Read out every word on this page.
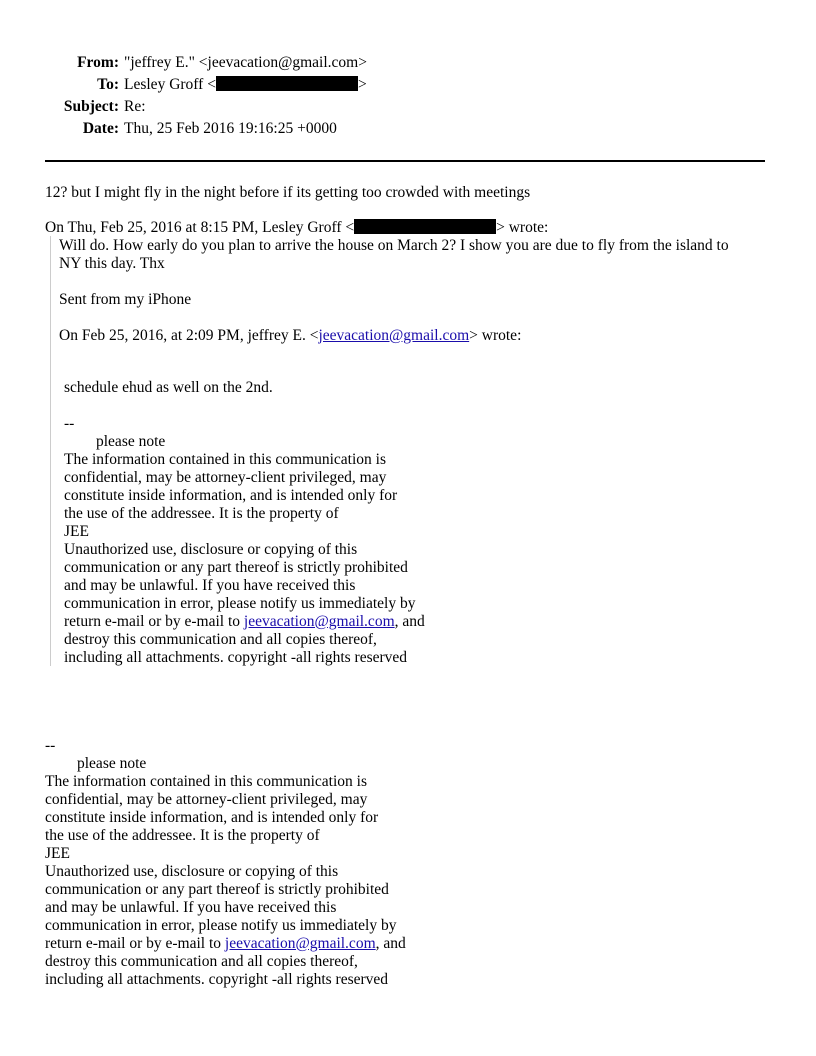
From: "jeffrey E." <jeevacation@gmail.com>
To: Lesley Groff <	>
Subject: Re:
Date: Thu, 25 Feb 2016 19:16:25 +0000
12? but I might fly in the night before if its getting too crowded with meetings
On Thu, Feb 25, 2016 at 8:15 PM, Lesley Groff <	> wrote:
Will do. How early do you plan to arrive the house on March 2? I show you are due to fly from the island to
NY this day. Thx
Sent from my iPhone
On Feb 25, 2016, at 2:09 PM, jeffrey E. <jeevacation@gmail.com> wrote:
schedule ehud as well on the 2nd.
--
please note
The information contained in this communication is
confidential, may be attorney-client privileged, may
constitute inside information, and is intended only for
the use of the addressee. It is the property of
JEE
Unauthorized use, disclosure or copying of this
communication or any part thereof is strictly prohibited
and may be unlawful. If you have received this
communication in error, please notify us immediately by
return e-mail or by e-mail to jeevacation@gmail.com, and
destroy this communication and all copies thereof,
including all attachments. copyright -all rights reserved
--
please note
The information contained in this communication is
confidential, may be attorney-client privileged, may
constitute inside information, and is intended only for
the use of the addressee. It is the property of
JEE
Unauthorized use, disclosure or copying of this
communication or any part thereof is strictly prohibited
and may be unlawful. If you have received this
communication in error, please notify us immediately by
return e-mail or by e-mail to jeevacation@gmail.com, and
destroy this communication and all copies thereof,
including all attachments. copyright -all rights reserved
